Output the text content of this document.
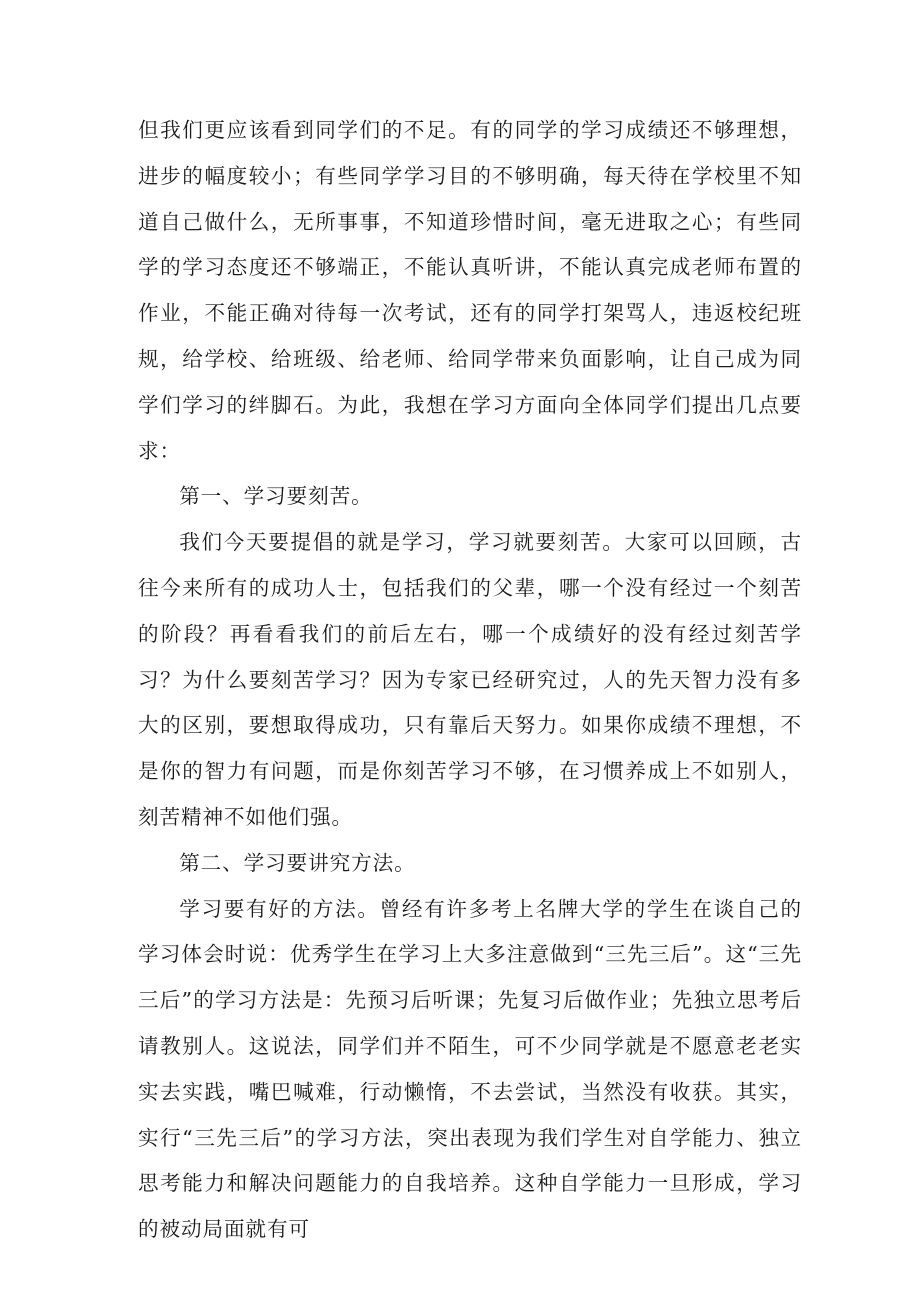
但我们更应该看到同学们的不足。有的同学的学习成绩还不够理想，进步的幅度较小；有些同学学习目的不够明确，每天待在学校里不知道自己做什么，无所事事，不知道珍惜时间，毫无进取之心；有些同学的学习态度还不够端正，不能认真听讲，不能认真完成老师布置的作业，不能正确对待每一次考试，还有的同学打架骂人，违返校纪班规，给学校、给班级、给老师、给同学带来负面影响，让自己成为同学们学习的绊脚石。为此，我想在学习方面向全体同学们提出几点要求：

第一、学习要刻苦。

我们今天要提倡的就是学习，学习就要刻苦。大家可以回顾，古往今来所有的成功人士，包括我们的父辈，哪一个没有经过一个刻苦的阶段？再看看我们的前后左右，哪一个成绩好的没有经过刻苦学习？为什么要刻苦学习？因为专家已经研究过，人的先天智力没有多大的区别，要想取得成功，只有靠后天努力。如果你成绩不理想，不是你的智力有问题，而是你刻苦学习不够，在习惯养成上不如别人，刻苦精神不如他们强。

第二、学习要讲究方法。

学习要有好的方法。曾经有许多考上名牌大学的学生在谈自己的学习体会时说：优秀学生在学习上大多注意做到“三先三后”。这“三先三后”的学习方法是：先预习后听课；先复习后做作业；先独立思考后请教别人。这说法，同学们并不陌生，可不少同学就是不愿意老老实实去实践，嘴巴喊难，行动懒惰，不去尝试，当然没有收获。其实，实行“三先三后”的学习方法，突出表现为我们学生对自学能力、独立思考能力和解决问题能力的自我培养。这种自学能力一旦形成，学习的被动局面就有可
